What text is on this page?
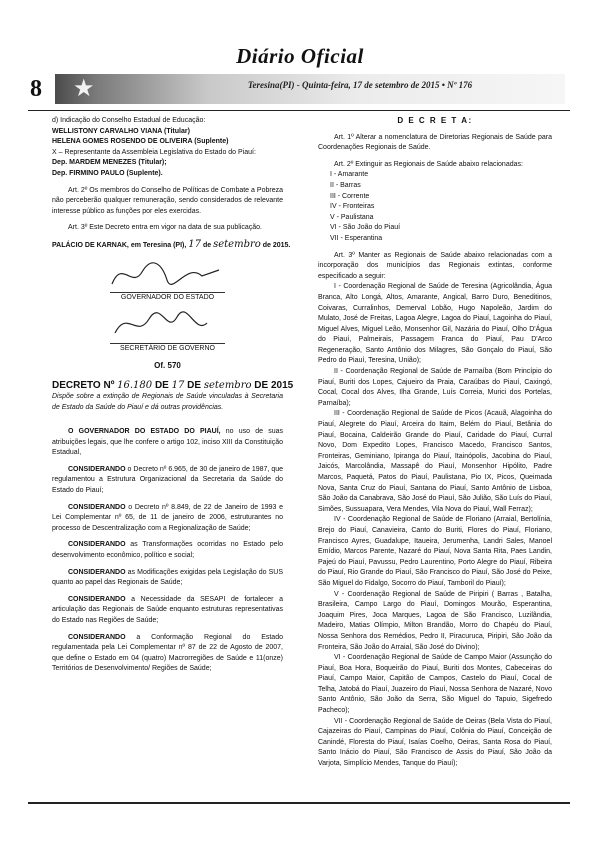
Diário Oficial
8 ★	Teresina(PI) - Quinta-feira, 17 de setembro de 2015 • Nº 176

d) Indicação do Conselho Estadual de Educação:

WELLISTONY CARVALHO VIANA (Titular)

HELENA GOMES ROSENDO DE OLIVEIRA (Suplente)

X – Representante da Assembleia Legislativa do Estado do Piauí:

Dep. MARDEM MENEZES (Titular);

Dep. FIRMINO PAULO (Suplente).

Art. 2º Os membros do Conselho de Políticas de Combate a Pobreza não perceberão qualquer remuneração, sendo considerados de relevante interesse público as funções por eles exercidas.

Art. 3º Este Decreto entra em vigor na data de sua publicação.

PALÁCIO DE KARNAK, em Teresina (PI), 17 de setembro de 2015.

GOVERNADOR DO ESTADO

SECRETÁRIO DE GOVERNO

Of. 570
DECRETO Nº 16.180 DE 17 DE setembro DE 2015

Dispõe sobre a extinção de Regionais de Saúde vinculadas à Secretaria de Estado da Saúde do Piauí e dá outras providências.

O GOVERNADOR DO ESTADO DO PIAUÍ, no uso de suas atribuições legais, que lhe confere o artigo 102, inciso XIII da Constituição Estadual,

CONSIDERANDO o Decreto nº 6.965, de 30 de janeiro de 1987, que regulamentou a Estrutura Organizacional da Secretaria da Saúde do Estado do Piauí;

CONSIDERANDO o Decreto nº 8.849, de 22 de Janeiro de 1993 e Lei Complementar nº 65, de 11 de janeiro de 2006, estruturantes no processo de Descentralização com a Regionalização de Saúde;

CONSIDERANDO as Transformações ocorridas no Estado pelo desenvolvimento econômico, político e social;

CONSIDERANDO as Modificações exigidas pela Legislação do SUS quanto ao papel das Regionais de Saúde;

CONSIDERANDO a Necessidade da SESAPI de fortalecer a articulação das Regionais de Saúde enquanto estruturas representativas do Estado nas Regiões de Saúde;

CONSIDERANDO a Conformação Regional do Estado regulamentada pela Lei Complementar nº 87 de 22 de Agosto de 2007, que define o Estado em 04 (quatro) Macrorregiões de Saúde e 11(onze) Territórios de Desenvolvimento/ Regiões de Saúde;

D E C R E T A:

Art. 1º Alterar a nomenclatura de Diretorias Regionais de Saúde para Coordenações Regionais de Saúde.

Art. 2º Extinguir as Regionais de Saúde abaixo relacionadas:

I - Amarante

II - Barras

III - Corrente

IV - Fronteiras

V - Paulistana

VI - São João do Piauí

VII - Esperantina

Art. 3º Manter as Regionais de Saúde abaixo relacionadas com a incorporação dos municípios das Regionais extintas, conforme especificado a seguir:

I - Coordenação Regional de Saúde de Teresina (Agricolândia, Água Branca, Alto Longá, Altos, Amarante, Angical, Barro Duro, Beneditinos, Coivaras, Curralinhos, Demerval Lobão, Hugo Napoleão, Jardim do Mulato, José de Freitas, Lagoa Alegre, Lagoa do Piauí, Lagoinha do Piauí, Miguel Alves, Miguel Leão, Monsenhor Gil, Nazária do Piauí, Olho D'Água do Piauí, Palmeirais, Passagem Franca do Piauí, Pau D'Arco Regeneração, Santo Antônio dos Milagres, São Gonçalo do Piauí, São Pedro do Piauí, Teresina, União);

II - Coordenação Regional de Saúde de Parnaíba (Bom Princípio do Piauí, Buriti dos Lopes, Cajueiro da Praia, Caraúbas do Piauí, Caxingó, Cocal, Cocal dos Alves, Ilha Grande, Luís Correia, Murici dos Portelas, Parnaíba);

III - Coordenação Regional de Saúde de Picos (Acauã, Alagoinha do Piauí, Alegrete do Piauí, Arceira do Itaim, Belém do Piauí, Betânia do Piauí, Bocaina, Caldeirão Grande do Piauí, Caridade do Piauí, Curral Novo, Dom Expedito Lopes, Francisco Macedo, Francisco Santos, Fronteiras, Geminiano, Ipiranga do Piauí, Itainópolis, Jacobina do Piauí, Jaicós, Marcolândia, Massapê do Piauí, Monsenhor Hipólito, Padre Marcos, Paquetá, Patos do Piauí, Paulistana, Pio IX, Picos, Queimada Nova, Santa Cruz do Piauí, Santana do Piauí, Santo Antônio de Lisboa, São João da Canabrava, São José do Piauí, São Julião, São Luís do Piauí, Simões, Sussuapara, Vera Mendes, Vila Nova do Piauí, Wall Ferraz);

IV - Coordenação Regional de Saúde de Floriano (Arraial, Bertolínia, Brejo do Piauí, Canavieira, Canto do Buriti, Flores do Piauí, Floriano, Francisco Ayres, Guadalupe, Itaueira, Jerumenha, Landri Sales, Manoel Emídio, Marcos Parente, Nazaré do Piauí, Nova Santa Rita, Paes Landin, Pajeú do Piauí, Pavussu, Pedro Laurentino, Porto Alegre do Piauí, Ribeira do Piauí, Rio Grande do Piauí, São Francisco do Piauí, São José do Peixe, São Miguel do Fidalgo, Socorro do Piauí, Tamboril do Piauí);

V - Coordenação Regional de Saúde de Piripiri ( Barras , Batalha, Brasileira, Campo Largo do Piauí, Domingos Mourão, Esperantina, Joaquim Pires, Joca Marques, Lagoa de São Francisco, Luzilândia, Madeiro, Matias Olímpio, Milton Brandão, Morro do Chapéu do Piauí, Nossa Senhora dos Remédios, Pedro II, Piracuruca, Piripiri, São João da Fronteira, São João do Arraial, São José do Divino);

VI - Coordenação Regional de Saúde de Campo Maior (Assunção do Piauí, Boa Hora, Boqueirão do Piauí, Buriti dos Montes, Cabeceiras do Piauí, Campo Maior, Capitão de Campos, Castelo do Piauí, Cocal de Telha, Jatobá do Piauí, Juazeiro do Piauí, Nossa Senhora de Nazaré, Novo Santo Antônio, São João da Serra, São Miguel do Tapuio, Sigefredo Pacheco);

VII - Coordenação Regional de Saúde de Oeiras (Bela Vista do Piauí, Cajazeiras do Piauí, Campinas do Piauí, Colônia do Piauí, Conceição de Canindé, Floresta do Piauí, Isaías Coelho, Oeiras, Santa Rosa do Piauí, Santo Inácio do Piauí, São Francisco de Assis do Piauí, São João da Varjota, Simplício Mendes, Tanque do Piauí);
